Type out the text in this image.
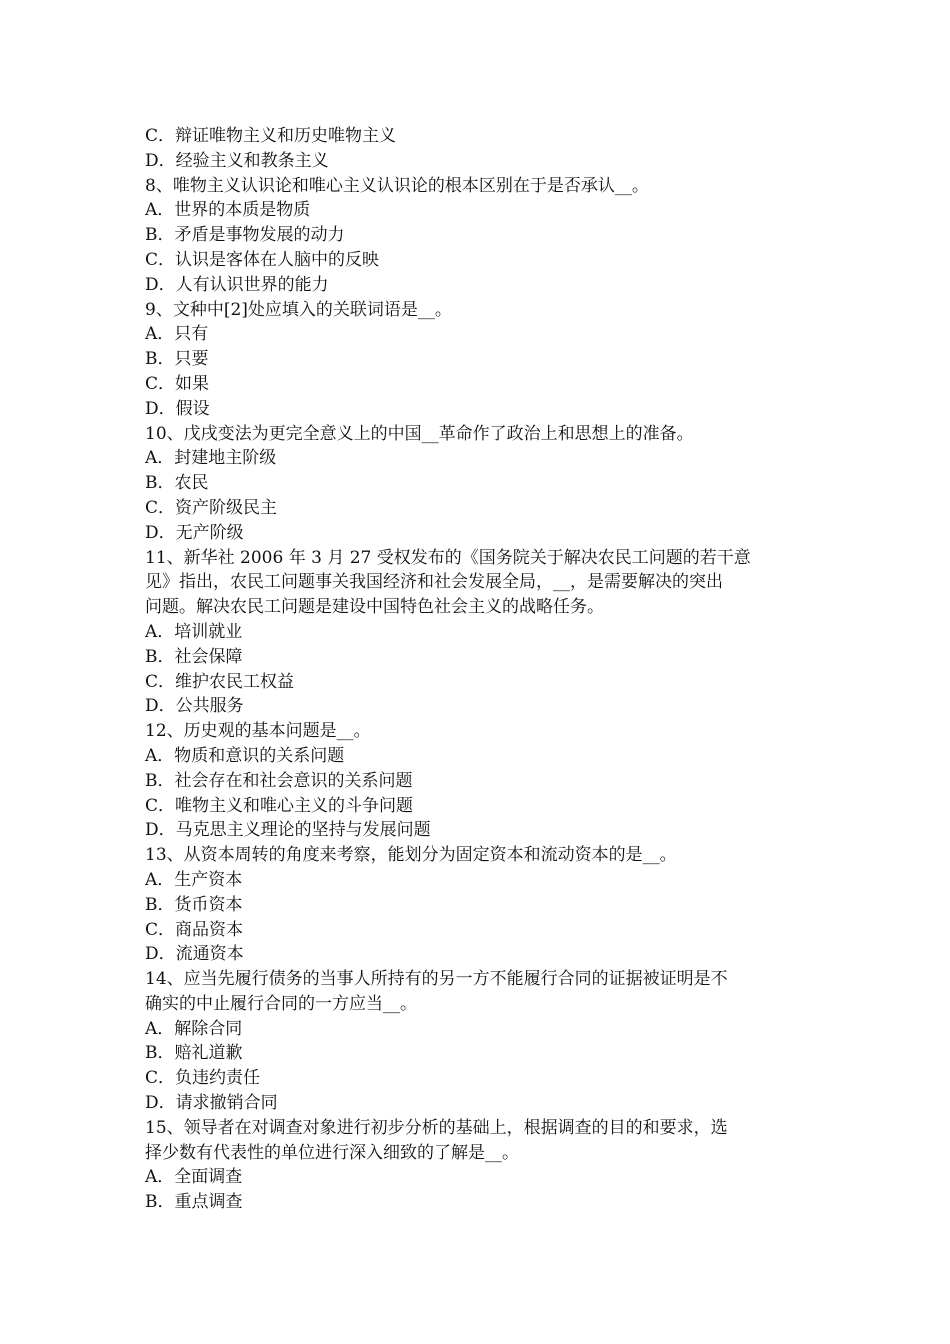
C．辩证唯物主义和历史唯物主义
D．经验主义和教条主义
8、唯物主义认识论和唯心主义认识论的根本区别在于是否承认__。
A．世界的本质是物质
B．矛盾是事物发展的动力
C．认识是客体在人脑中的反映
D．人有认识世界的能力
9、文种中[2]处应填入的关联词语是__。
A．只有
B．只要
C．如果
D．假设
10、戊戌变法为更完全意义上的中国__革命作了政治上和思想上的准备。
A．封建地主阶级
B．农民
C．资产阶级民主
D．无产阶级
11、新华社 2006 年 3 月 27 受权发布的《国务院关于解决农民工问题的若干意
见》指出，农民工问题事关我国经济和社会发展全局，__，是需要解决的突出
问题。解决农民工问题是建设中国特色社会主义的战略任务。
A．培训就业
B．社会保障
C．维护农民工权益
D．公共服务
12、历史观的基本问题是__。
A．物质和意识的关系问题
B．社会存在和社会意识的关系问题
C．唯物主义和唯心主义的斗争问题
D．马克思主义理论的坚持与发展问题
13、从资本周转的角度来考察，能划分为固定资本和流动资本的是__。
A．生产资本
B．货币资本
C．商品资本
D．流通资本
14、应当先履行债务的当事人所持有的另一方不能履行合同的证据被证明是不
确实的中止履行合同的一方应当__。
A．解除合同
B．赔礼道歉
C．负违约责任
D．请求撤销合同
15、领导者在对调查对象进行初步分析的基础上，根据调查的目的和要求，选
择少数有代表性的单位进行深入细致的了解是__。
A．全面调查
B．重点调查
